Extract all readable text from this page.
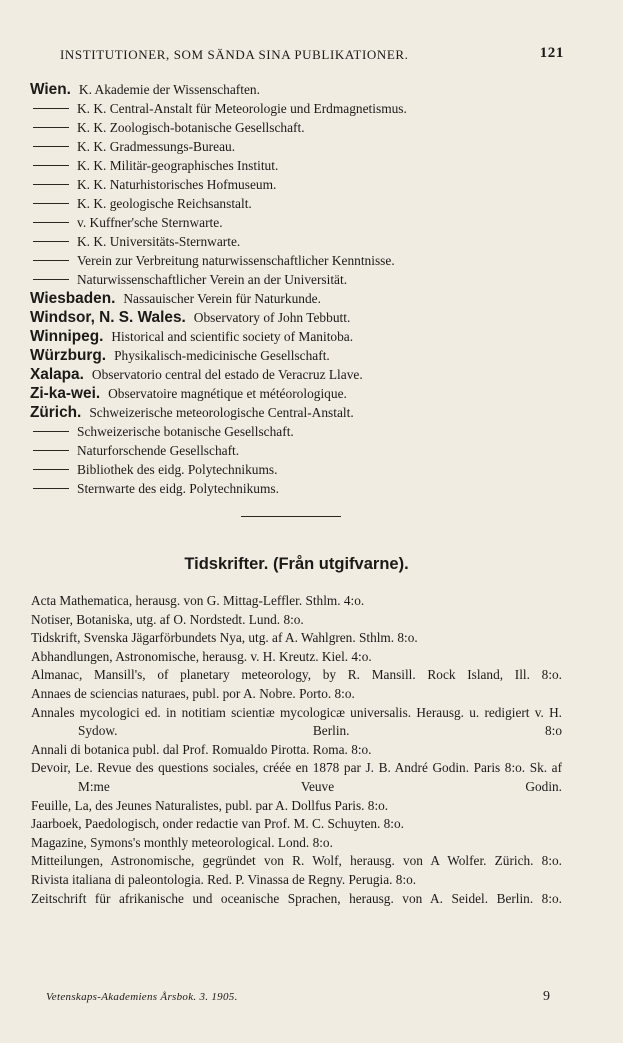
INSTITUTIONER, SOM SÄNDA SINA PUBLIKATIONER.	121
Wien. K. Akademie der Wissenschaften.
K. K. Central-Anstalt für Meteorologie und Erdmagnetismus.
K. K. Zoologisch-botanische Gesellschaft.
K. K. Gradmessungs-Bureau.
K. K. Militär-geographisches Institut.
K. K. Naturhistorisches Hofmuseum.
K. K. geologische Reichsanstalt.
v. Kuffner'sche Sternwarte.
K. K. Universitäts-Sternwarte.
Verein zur Verbreitung naturwissenschaftlicher Kenntnisse.
Naturwissenschaftlicher Verein an der Universität.
Wiesbaden. Nassauischer Verein für Naturkunde.
Windsor, N. S. Wales. Observatory of John Tebbutt.
Winnipeg. Historical and scientific society of Manitoba.
Würzburg. Physikalisch-medicinische Gesellschaft.
Xalapa. Observatorio central del estado de Veracruz Llave.
Zi-ka-wei. Observatoire magnétique et météorologique.
Zürich. Schweizerische meteorologische Central-Anstalt.
Schweizerische botanische Gesellschaft.
Naturforschende Gesellschaft.
Bibliothek des eidg. Polytechnikums.
Sternwarte des eidg. Polytechnikums.
Tidskrifter. (Från utgifvarne).
Acta Mathematica, herausg. von G. Mittag-Leffler. Sthlm. 4:o.
Notiser, Botaniska, utg. af O. Nordstedt. Lund. 8:o.
Tidskrift, Svenska Jägarförbundets Nya, utg. af A. Wahlgren. Sthlm. 8:o.
Abhandlungen, Astronomische, herausg. v. H. Kreutz. Kiel. 4:o.
Almanac, Mansill's, of planetary meteorology, by R. Mansill. Rock Island, Ill. 8:o.
Annaes de sciencias naturaes, publ. por A. Nobre. Porto. 8:o.
Annales mycologici ed. in notitiam scientiæ mycologicæ universalis. Herausg. u. redigiert v. H. Sydow. Berlin. 8:o
Annali di botanica publ. dal Prof. Romualdo Pirotta. Roma. 8:o.
Devoir, Le. Revue des questions sociales, créée en 1878 par J. B. André Godin. Paris 8:o. Sk. af M:me Veuve Godin.
Feuille, La, des Jeunes Naturalistes, publ. par A. Dollfus Paris. 8:o.
Jaarboek, Paedologisch, onder redactie van Prof. M. C. Schuyten. 8:o.
Magazine, Symons's monthly meteorological. Lond. 8:o.
Mitteilungen, Astronomische, gegründet von R. Wolf, herausg. von A Wolfer. Zürich. 8:o.
Rivista italiana di paleontologia. Red. P. Vinassa de Regny. Perugia. 8:o.
Zeitschrift für afrikanische und oceanische Sprachen, herausg. von A. Seidel. Berlin. 8:o.
Vetenskaps-Akademiens Årsbok. 3. 1905.	9
